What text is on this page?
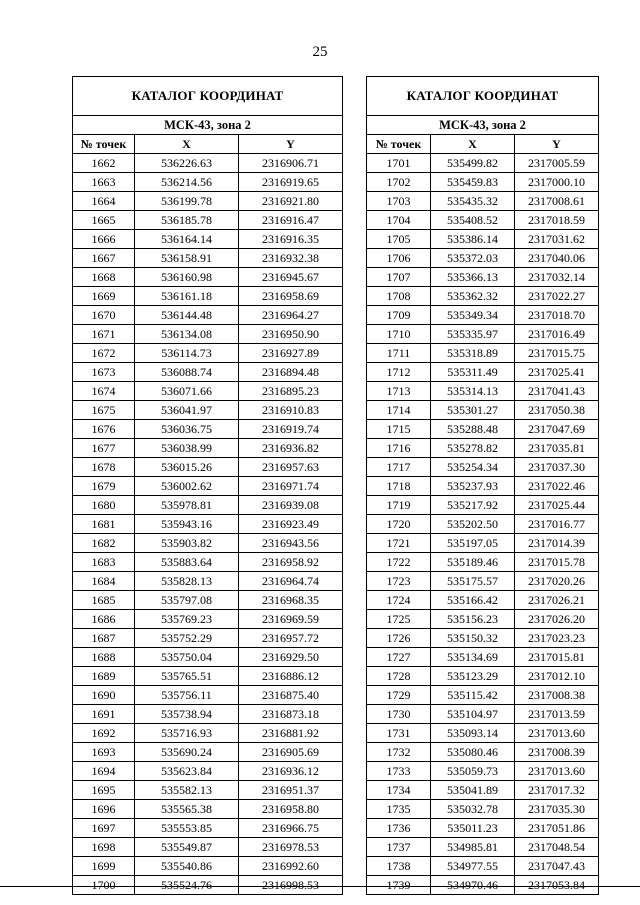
25
КАТАЛОГ КООРДИНАТ		
МСК-43, зона 2		
№ точек	X	Y
1662	536226.63	2316906.71
1663	536214.56	2316919.65
1664	536199.78	2316921.80
1665	536185.78	2316916.47
1666	536164.14	2316916.35
1667	536158.91	2316932.38
1668	536160.98	2316945.67
1669	536161.18	2316958.69
1670	536144.48	2316964.27
1671	536134.08	2316950.90
1672	536114.73	2316927.89
1673	536088.74	2316894.48
1674	536071.66	2316895.23
1675	536041.97	2316910.83
1676	536036.75	2316919.74
1677	536038.99	2316936.82
1678	536015.26	2316957.63
1679	536002.62	2316971.74
1680	535978.81	2316939.08
1681	535943.16	2316923.49
1682	535903.82	2316943.56
1683	535883.64	2316958.92
1684	535828.13	2316964.74
1685	535797.08	2316968.35
1686	535769.23	2316969.59
1687	535752.29	2316957.72
1688	535750.04	2316929.50
1689	535765.51	2316886.12
1690	535756.11	2316875.40
1691	535738.94	2316873.18
1692	535716.93	2316881.92
1693	535690.24	2316905.69
1694	535623.84	2316936.12
1695	535582.13	2316951.37
1696	535565.38	2316958.80
1697	535553.85	2316966.75
1698	535549.87	2316978.53
1699	535540.86	2316992.60
1700	535524.76	2316998.53
КАТАЛОГ КООРДИНАТ		
МСК-43, зона 2		
№ точек	X	Y
1701	535499.82	2317005.59
1702	535459.83	2317000.10
1703	535435.32	2317008.61
1704	535408.52	2317018.59
1705	535386.14	2317031.62
1706	535372.03	2317040.06
1707	535366.13	2317032.14
1708	535362.32	2317022.27
1709	535349.34	2317018.70
1710	535335.97	2317016.49
1711	535318.89	2317015.75
1712	535311.49	2317025.41
1713	535314.13	2317041.43
1714	535301.27	2317050.38
1715	535288.48	2317047.69
1716	535278.82	2317035.81
1717	535254.34	2317037.30
1718	535237.93	2317022.46
1719	535217.92	2317025.44
1720	535202.50	2317016.77
1721	535197.05	2317014.39
1722	535189.46	2317015.78
1723	535175.57	2317020.26
1724	535166.42	2317026.21
1725	535156.23	2317026.20
1726	535150.32	2317023.23
1727	535134.69	2317015.81
1728	535123.29	2317012.10
1729	535115.42	2317008.38
1730	535104.97	2317013.59
1731	535093.14	2317013.60
1732	535080.46	2317008.39
1733	535059.73	2317013.60
1734	535041.89	2317017.32
1735	535032.78	2317035.30
1736	535011.23	2317051.86
1737	534985.81	2317048.54
1738	534977.55	2317047.43
1739	534970.46	2317053.84
